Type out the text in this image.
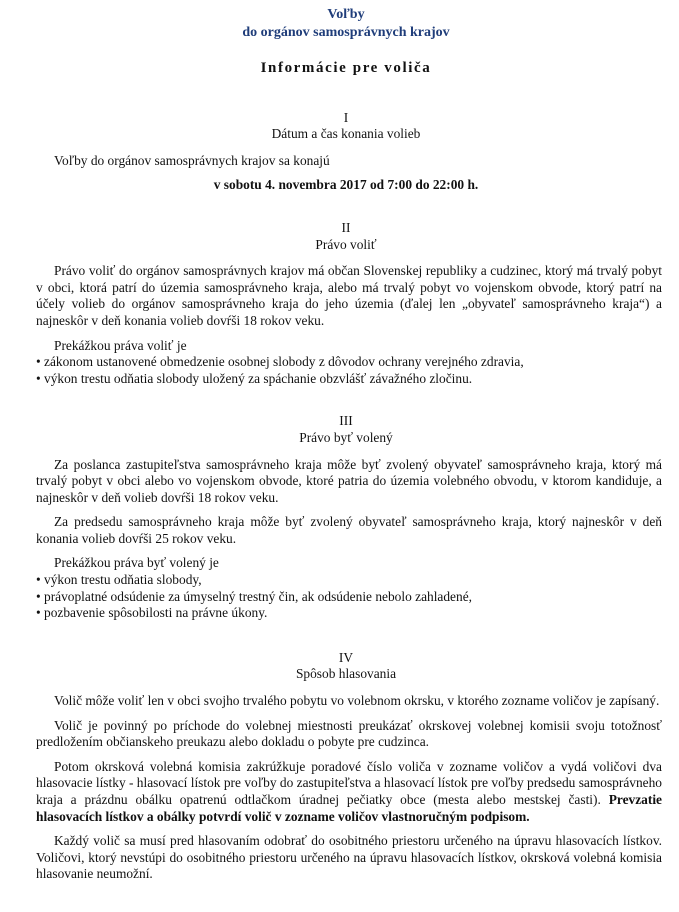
Voľby
do orgánov samosprávnych krajov
Informácie pre voliča
I
Dátum a čas konania volieb

Voľby do orgánov samosprávnych krajov sa konajú

v sobotu 4. novembra 2017 od 7:00 do 22:00 h.

II
Právo voliť

Právo voliť do orgánov samosprávnych krajov má občan Slovenskej republiky a cudzinec, ktorý má trvalý pobyt v obci, ktorá patrí do územia samosprávneho kraja, alebo má trvalý pobyt vo vojenskom obvode, ktorý patrí na účely volieb do orgánov samosprávneho kraja do jeho územia (ďalej len „obyvateľ samosprávneho kraja“) a najneskôr v deň konania volieb dovŕši 18 rokov veku.

Prekážkou práva voliť je

• zákonom ustanovené obmedzenie osobnej slobody z dôvodov ochrany verejného zdravia,

• výkon trestu odňatia slobody uložený za spáchanie obzvlášť závažného zločinu.

III
Právo byť volený

Za poslanca zastupiteľstva samosprávneho kraja môže byť zvolený obyvateľ samosprávneho kraja, ktorý má trvalý pobyt v obci alebo vo vojenskom obvode, ktoré patria do územia volebného obvodu, v ktorom kandiduje, a najneskôr v deň volieb dovŕši 18 rokov veku.

Za predsedu samosprávneho kraja môže byť zvolený obyvateľ samosprávneho kraja, ktorý najneskôr v deň konania volieb dovŕši 25 rokov veku.

Prekážkou práva byť volený je

• výkon trestu odňatia slobody,

• právoplatné odsúdenie za úmyselný trestný čin, ak odsúdenie nebolo zahladené,

• pozbavenie spôsobilosti na právne úkony.

IV
Spôsob hlasovania

Volič môže voliť len v obci svojho trvalého pobytu vo volebnom okrsku, v ktorého zozname voličov je zapísaný.

Volič je povinný po príchode do volebnej miestnosti preukázať okrskovej volebnej komisii svoju totožnosť predložením občianskeho preukazu alebo dokladu o pobyte pre cudzinca.

Potom okrsková volebná komisia zakrúžkuje poradové číslo voliča v zozname voličov a vydá voličovi dva hlasovacie lístky - hlasovací lístok pre voľby do zastupiteľstva a hlasovací lístok pre voľby predsedu samosprávneho kraja a prázdnu obálku opatrenú odtlačkom úradnej pečiatky obce (mesta alebo mestskej časti). Prevzatie hlasovacích lístkov a obálky potvrdí volič v zozname voličov vlastnoručným podpisom.

Každý volič sa musí pred hlasovaním odobrať do osobitného priestoru určeného na úpravu hlasovacích lístkov. Voličovi, ktorý nevstúpi do osobitného priestoru určeného na úpravu hlasovacích lístkov, okrsková volebná komisia hlasovanie neumožní.
